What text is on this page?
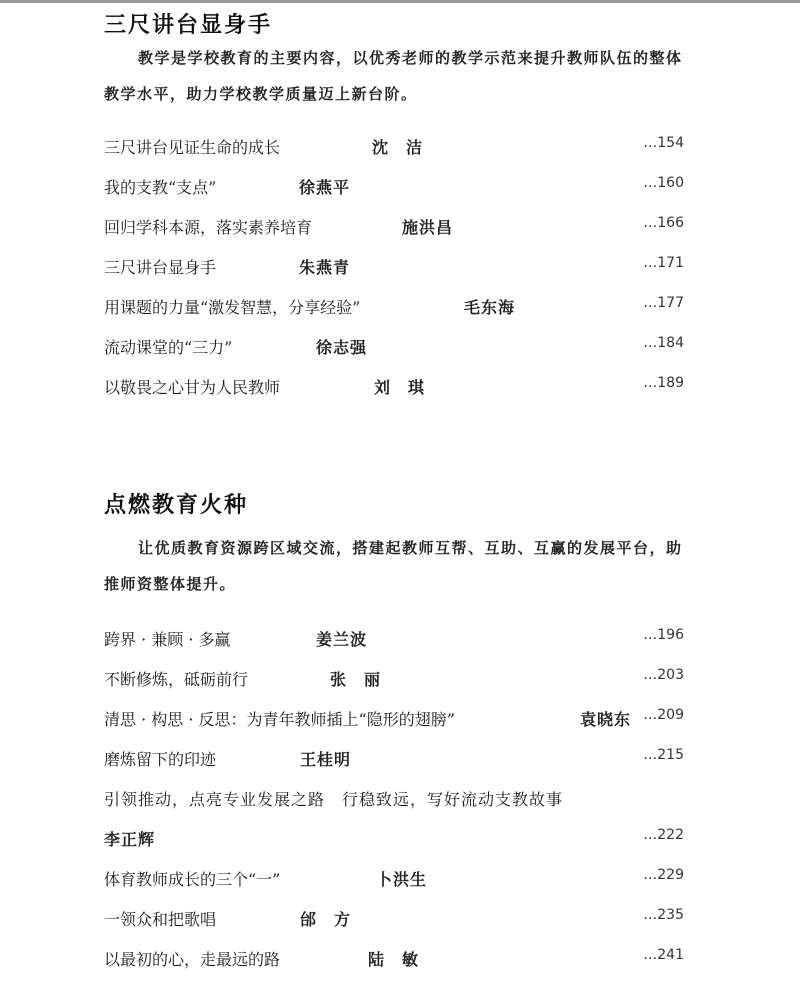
三尺讲台显身手
教学是学校教育的主要内容，以优秀老师的教学示范来提升教师队伍的整体教学水平，助力学校教学质量迈上新台阶。
三尺讲台见证生命的成长	沈　洁	…154
我的支教“支点”	徐燕平	…160
回归学科本源，落实素养培育	施洪昌	…166
三尺讲台显身手	朱燕青	…171
用课题的力量“激发智慧，分享经验”	毛东海	…177
流动课堂的“三力”	徐志强	…184
以敬畏之心甘为人民教师	刘　琪	…189
点燃教育火种
让优质教育资源跨区域交流，搭建起教师互帮、互助、互赢的发展平台，助推师资整体提升。
跨界 · 兼顾 · 多赢	姜兰波	…196
不断修炼，砥砺前行	张　丽	…203
清思 · 构思 · 反思：为青年教师插上“隐形的翅膀”	袁晓东 …209
磨炼留下的印迹	王桂明	…215
引领推动，点亮专业发展之路　行稳致远，写好流动支教故事
李正辉	…222
体育教师成长的三个“一”	卜洪生	…229
一领众和把歌唱	邰　方	…235
以最初的心，走最远的路	陆　敏	…241
